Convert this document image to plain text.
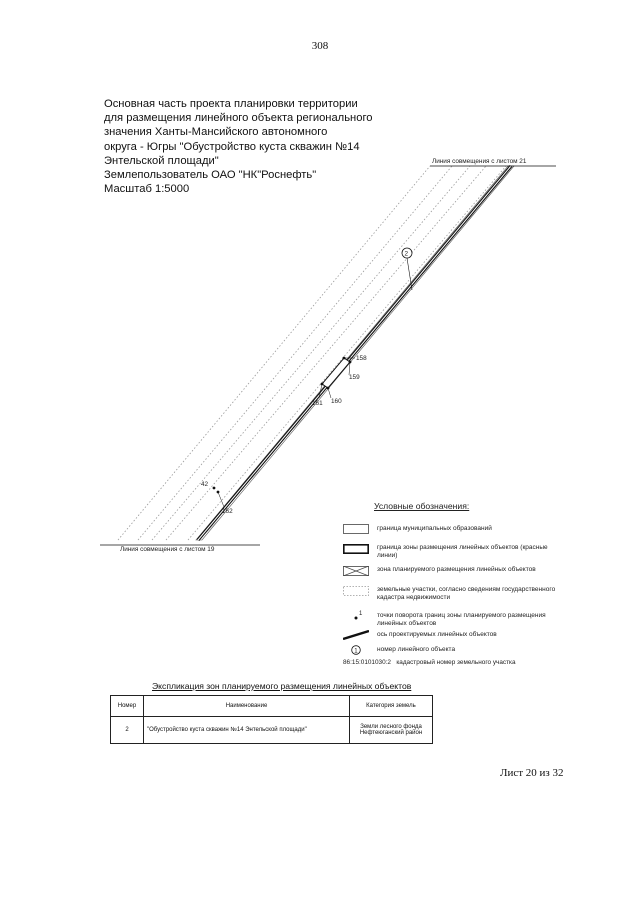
308
Основная часть проекта планировки территории
для размещения линейного объекта регионального
значения Ханты-Мансийского автономного
округа - Югры "Обустройство куста скважин №14
Энтельской площади"
Землепользователь ОАО "НК"Роснефть"
Масштаб 1:5000
Линия совмещения с листом 21
Линия совмещения с листом 19
2
158
159
160
161
42
162
Условные обозначения:
граница муниципальных образований
граница зоны размещения линейных объектов (красные линии)
зона планируемого размещения линейных объектов
земельные участки, согласно сведениям государственного кадастра недвижимости
1 точки поворота границ зоны планируемого размещения линейных объектов
ось проектируемых линейных объектов
1	номер линейного объекта
86:15:0101030:2 кадастровый номер земельного участка
Экспликация зон планируемого размещения линейных объектов
Номер	Наименование	Категория земель
2	"Обустройство куста скважин №14 Энтельской площади"	Земли лесного фонда
Нефтеюганский район
Лист 20 из 32
